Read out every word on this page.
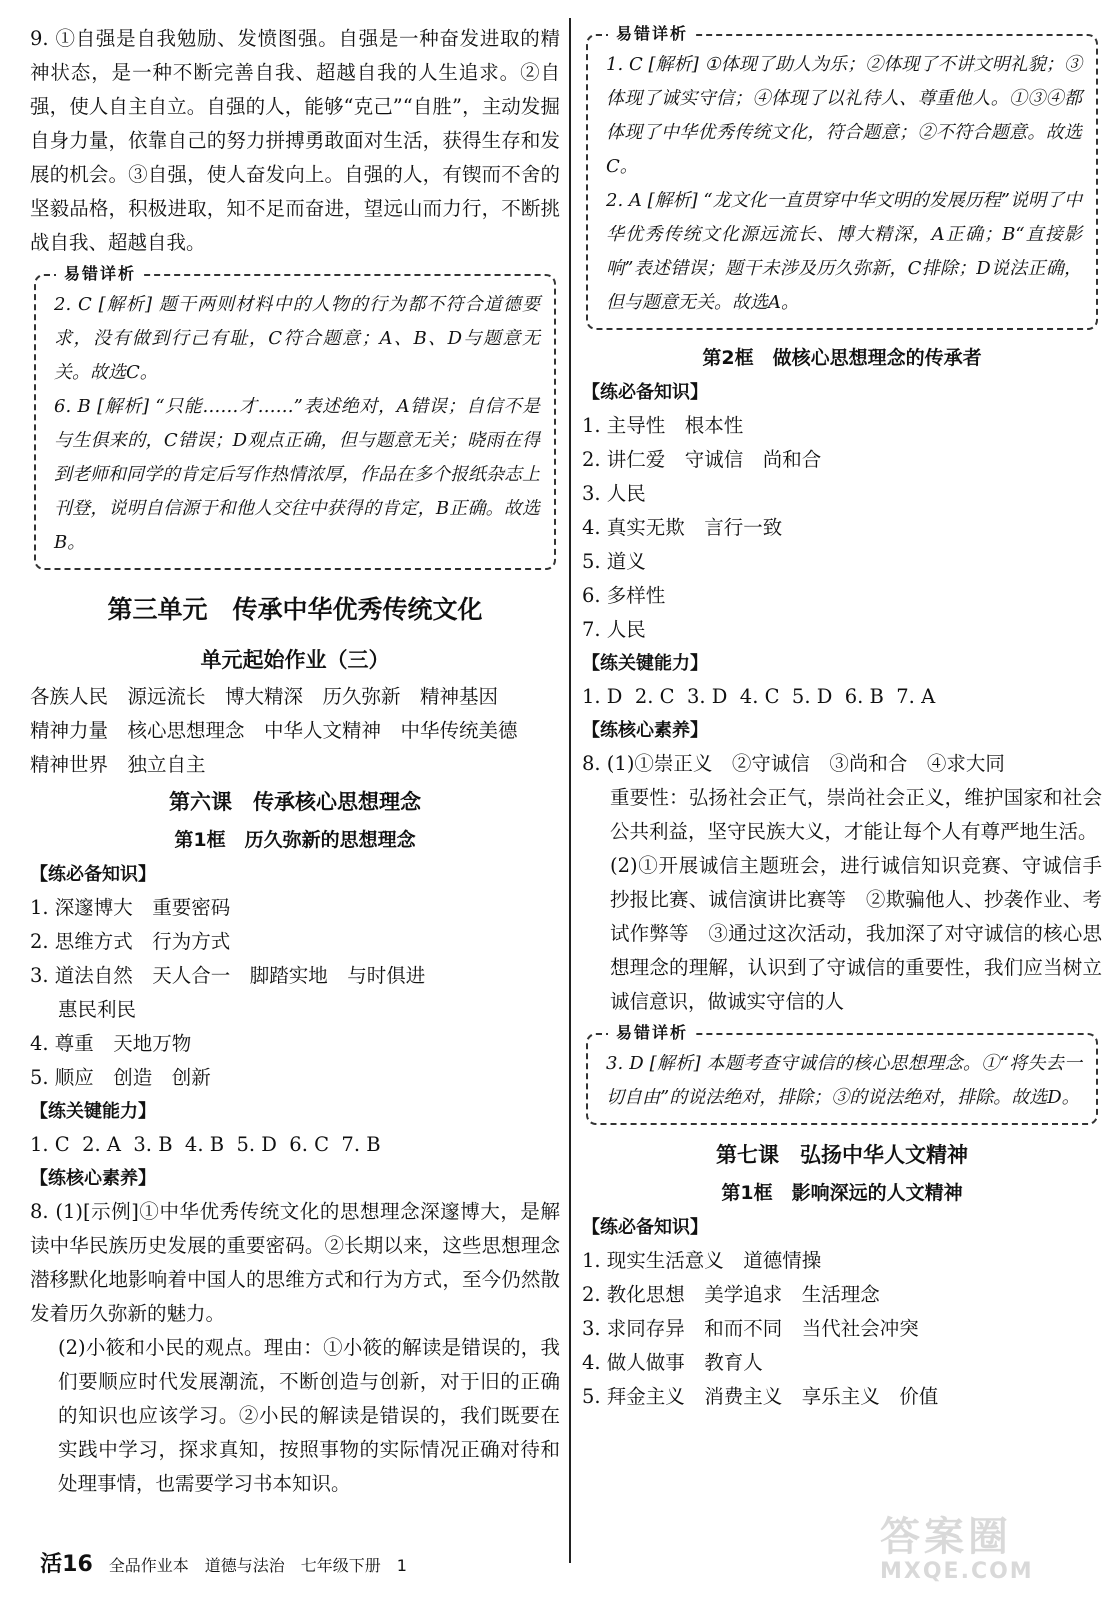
9. ①自强是自我勉励、发愤图强。自强是一种奋发进取的精神状态，是一种不断完善自我、超越自我的人生追求。②自强，使人自主自立。自强的人，能够“克己”“自胜”，主动发掘自身力量，依靠自己的努力拼搏勇敢面对生活，获得生存和发展的机会。③自强，使人奋发向上。自强的人，有锲而不舍的坚毅品格，积极进取，知不足而奋进，望远山而力行，不断挑战自我、超越自我。

易错详析

2. C [解析] 题干两则材料中的人物的行为都不符合道德要求，没有做到行己有耻，C符合题意；A、B、D与题意无关。故选C。

6. B [解析] “只能……才……”表述绝对，A错误；自信不是与生俱来的，C错误；D观点正确，但与题意无关；晓雨在得到老师和同学的肯定后写作热情浓厚，作品在多个报纸杂志上刊登，说明自信源于和他人交往中获得的肯定，B正确。故选B。

第三单元　传承中华优秀传统文化
单元起始作业（三）

各族人民　源远流长　博大精深　历久弥新　精神基因

精神力量　核心思想理念　中华人文精神　中华传统美德

精神世界　独立自主

第六课　传承核心思想理念
第1框　历久弥新的思想理念

【练必备知识】

1. 深邃博大　重要密码

2. 思维方式　行为方式

3. 道法自然　天人合一　脚踏实地　与时俱进

惠民利民

4. 尊重　天地万物

5. 顺应　创造　创新

【练关键能力】

1. C  2. A  3. B  4. B  5. D  6. C  7. B

【练核心素养】

8. (1)[示例]①中华优秀传统文化的思想理念深邃博大，是解读中华民族历史发展的重要密码。②长期以来，这些思想理念潜移默化地影响着中国人的思维方式和行为方式，至今仍然散发着历久弥新的魅力。

(2)小筱和小民的观点。理由：①小筱的解读是错误的，我们要顺应时代发展潮流，不断创造与创新，对于旧的正确的知识也应该学习。②小民的解读是错误的，我们既要在实践中学习，探求真知，按照事物的实际情况正确对待和处理事情，也需要学习书本知识。

易错详析

1. C [解析] ①体现了助人为乐；②体现了不讲文明礼貌；③体现了诚实守信；④体现了以礼待人、尊重他人。①③④都体现了中华优秀传统文化，符合题意；②不符合题意。故选C。

2. A [解析] “龙文化一直贯穿中华文明的发展历程”说明了中华优秀传统文化源远流长、博大精深，A正确；B“直接影响”表述错误；题干未涉及历久弥新，C排除；D说法正确，但与题意无关。故选A。

第2框　做核心思想理念的传承者

【练必备知识】

1. 主导性　根本性

2. 讲仁爱　守诚信　尚和合

3. 人民

4. 真实无欺　言行一致

5. 道义

6. 多样性

7. 人民

【练关键能力】

1. D  2. C  3. D  4. C  5. D  6. B  7. A

【练核心素养】

8. (1)①崇正义　②守诚信　③尚和合　④求大同

重要性：弘扬社会正气，崇尚社会正义，维护国家和社会公共利益，坚守民族大义，才能让每个人有尊严地生活。

(2)①开展诚信主题班会，进行诚信知识竞赛、守诚信手抄报比赛、诚信演讲比赛等　②欺骗他人、抄袭作业、考试作弊等　③通过这次活动，我加深了对守诚信的核心思想理念的理解，认识到了守诚信的重要性，我们应当树立诚信意识，做诚实守信的人

易错详析

3. D [解析] 本题考查守诚信的核心思想理念。①“将失去一切自由”的说法绝对，排除；③的说法绝对，排除。故选D。

第七课　弘扬中华人文精神
第1框　影响深远的人文精神

【练必备知识】

1. 现实生活意义　道德情操

2. 教化思想　美学追求　生活理念

3. 求同存异　和而不同　当代社会冲突

4. 做人做事　教育人

5. 拜金主义　消费主义　享乐主义　价值

活16 全品作业本　道德与法治　七年级下册　1

答案圈
MXQE.COM
